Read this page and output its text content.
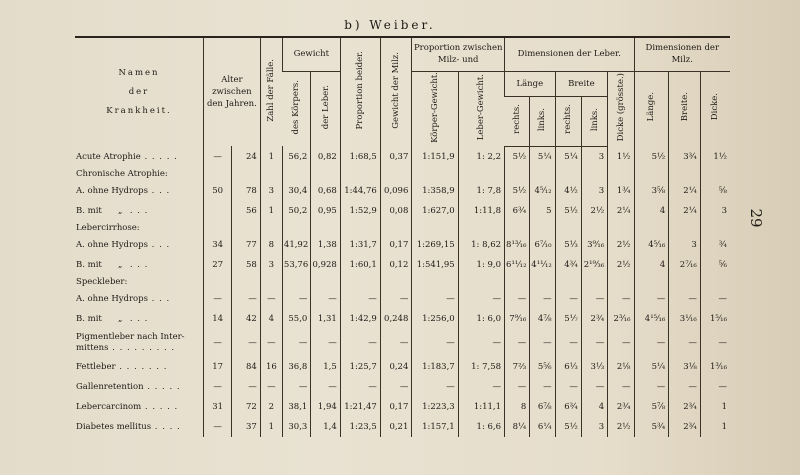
b) Weiber.
29
Namen
der
Krankheit.	Alter zwischen den Jahren.		Zahl der Fälle.	Gewicht		Proportion beider.	Gewicht der Milz.	Proportion zwischen Milz- und		Dimensionen der Leber.					Dimensionen der Milz.		
				des Körpers.	der Leber.			Körper-Gewicht.	Leber-Gewicht.	Länge		Breite		Dicke (grösste.)	Länge.	Breite.	Dicke.
										rechts.	links.	rechts.	links.				
Acute Atrophie . . . . .	—	24	1	56,2	0,82	1:68,5	0,37	1:151,9	1: 2,2	5½	5¼	5¼	3	1½	5½	3¾	1½
Chronische Atrophie:																	
A. ohne Hydrops . . .	50	78	3	30,4	0,68	1:44,76	0,096	1:358,9	1: 7,8	5½	4⁵⁄₁₂	4½	3	1¾	3⅝	2¼	⅝
B. mit      „  . . .		56	1	50,2	0,95	1:52,9	0,08	1:627,0	1:11,8	6¾	5	5½	2½	2¼	4	2¼	3
Lebercirrhose:																	
A. ohne Hydrops . . .	34	77	8	41,92	1,38	1:31,7	0,17	1:269,15	1: 8,62	8¹³⁄₁₆	6⁷⁄₁₀	5⅓	3⁹⁄₁₆	2½	4⁵⁄₁₆	3	¾
B. mit      „  . . .	27	58	3	53,76	0,928	1:60,1	0,12	1:541,95	1: 9,0	6¹¹⁄₁₂	4¹¹⁄₁₂	4¾	2¹⁹⁄₃₆	2½	4	2⁷⁄₁₆	⅚
Speckleber:																	
A. ohne Hydrops . . .	—	—	—	—	—	—	—	—	—	—	—	—	—	—	—	—	—
B. mit      „  . . .	14	42	4	55,0	1,31	1:42,9	0,248	1:256,0	1: 6,0	7⁹⁄₁₆	4⅞	5⅐	2¾	2³⁄₁₆	4¹⁵⁄₁₆	3¹⁄₁₆	1⁵⁄₁₆

Pigmentleber nach Inter-
mittens . . . . . . . . .	—	—	—	—	—	—	—	—	—	—	—	—	—	—	—	—	—
Fettleber . . . . . . .	17	84	16	36,8	1,5	1:25,7	0,24	1:183,7	1: 7,58	7⅔	5⅚	6⅓	3⅓	2⅛	5¼	3⅛	1³⁄₁₆
Gallenretention . . . . .	—	—	—	—	—	—	—	—	—	—	—	—	—	—	—	—	—
Lebercarcinom . . . . .	31	72	2	38,1	1,94	1:21,47	0,17	1:223,3	1:11,1	8	6⅞	6¾	4	2¾	5⅞	2¾	1
Diabetes mellitus . . . .	—	37	1	30,3	1,4	1:23,5	0,21	1:157,1	1: 6,6	8¼	6¼	5½	3	2½	5¾	2¾	1
